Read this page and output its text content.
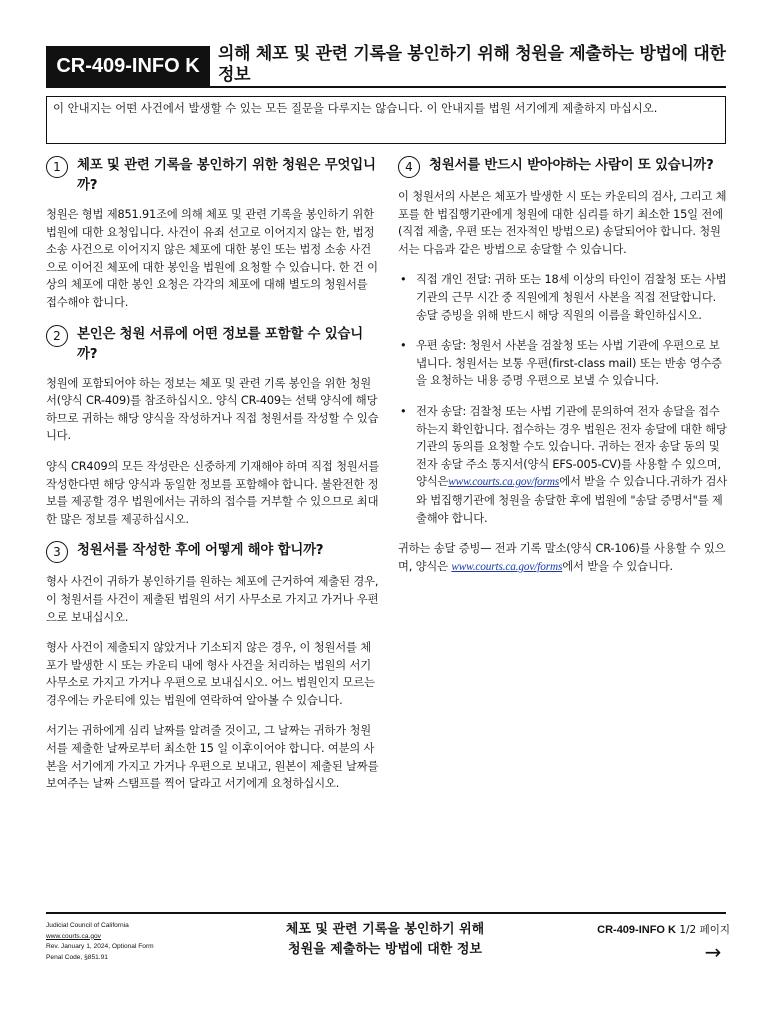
CR-409-INFO K
의해 체포 및 관련 기록을 봉인하기 위해 청원을 제출하는 방법에 대한 정보
이 안내지는 어떤 사건에서 발생할 수 있는 모든 질문을 다루지는 않습니다. 이 안내지를 법원 서기에게 제출하지 마십시오.
1	체포 및 관련 기록을 봉인하기 위한 청원은 무엇입니까?

청원은 형법 제851.91조에 의해 체포 및 관련 기록을 봉인하기 위한 법원에 대한 요청입니다. 사건이 유죄 선고로 이어지지 않는 한, 법정 소송 사건으로 이어지지 않은 체포에 대한 봉인 또는 법정 소송 사건으로 이어진 체포에 대한 봉인을 법원에 요청할 수 있습니다. 한 건 이상의 체포에 대한 봉인 요청은 각각의 체포에 대해 별도의 청원서를 접수해야 합니다.

2	본인은 청원 서류에 어떤 정보를 포함할 수 있습니까?

청원에 포함되어야 하는 정보는 체포 및 관련 기록 봉인을 위한 청원서(양식 CR-409)를 참조하십시오. 양식 CR-409는 선택 양식에 해당하므로 귀하는 해당 양식을 작성하거나 직접 청원서를 작성할 수 있습니다.

양식 CR409의 모든 작성란은 신중하게 기재해야 하며 직접 청원서를 작성한다면 해당 양식과 동일한 정보를 포함해야 합니다. 불완전한 정보를 제공할 경우 법원에서는 귀하의 접수를 거부할 수 있으므로 최대한 많은 정보를 제공하십시오.

3	청원서를 작성한 후에 어떻게 해야 합니까?

형사 사건이 귀하가 봉인하기를 원하는 체포에 근거하여 제출된 경우, 이 청원서를 사건이 제출된 법원의 서기 사무소로 가지고 가거나 우편으로 보내십시오.

형사 사건이 제출되지 않았거나 기소되지 않은 경우, 이 청원서를 체포가 발생한 시 또는 카운티 내에 형사 사건을 처리하는 법원의 서기 사무소로 가지고 가거나 우편으로 보내십시오. 어느 법원인지 모르는 경우에는 카운티에 있는 법원에 연락하여 알아볼 수 있습니다.

서기는 귀하에게 심리 날짜를 알려줄 것이고, 그 날짜는 귀하가 청원서를 제출한 날짜로부터 최소한 15 일 이후이어야 합니다. 여분의 사본을 서기에게 가지고 가거나 우편으로 보내고, 원본이 제출된 날짜를 보여주는 날짜 스탬프를 찍어 달라고 서기에게 요청하십시오.

4	청원서를 반드시 받아야하는 사람이 또 있습니까?

이 청원서의 사본은 체포가 발생한 시 또는 카운티의 검사, 그리고 체포를 한 법집행기관에게 청원에 대한 심리를 하기 최소한 15일 전에 (직접 제출, 우편 또는 전자적인 방법으로) 송달되어야 합니다. 청원서는 다음과 같은 방법으로 송달할 수 있습니다.

• 직접 개인 전달: 귀하 또는 18세 이상의 타인이 검찰청 또는 사법 기관의 근무 시간 중 직원에게 청원서 사본을 직접 전달합니다. 송달 증빙을 위해 반드시 해당 직원의 이름을 확인하십시오.
• 우편 송달: 청원서 사본을 검찰청 또는 사법 기관에 우편으로 보냅니다. 청원서는 보통 우편(first-class mail) 또는 반송 영수증을 요청하는 내용 증명 우편으로 보낼 수 있습니다.
• 전자 송달: 검찰청 또는 사법 기관에 문의하여 전자 송달을 접수하는지 확인합니다. 접수하는 경우 법원은 전자 송달에 대한 해당 기관의 동의를 요청할 수도 있습니다. 귀하는 전자 송달 동의 및 전자 송달 주소 통지서(양식 EFS-005-CV)를 사용할 수 있으며, 양식은www.courts.ca.gov/forms에서 받을 수 있습니다.귀하가 검사와 법집행기관에 청원을 송달한 후에 법원에 "송달 증명서"를 제출해야 합니다.

귀하는 송달 증빙— 전과 기록 말소(양식 CR-106)를 사용할 수 있으며, 양식은 www.courts.ca.gov/forms에서 받을 수 있습니다.

Judicial Council of California
www.courts.ca.gov
Rev. January 1, 2024, Optional Form
Penal Code, §851.91
체포 및 관련 기록을 봉인하기 위해
청원을 제출하는 방법에 대한 정보
CR-409-INFO K 1/2 페이지
→
